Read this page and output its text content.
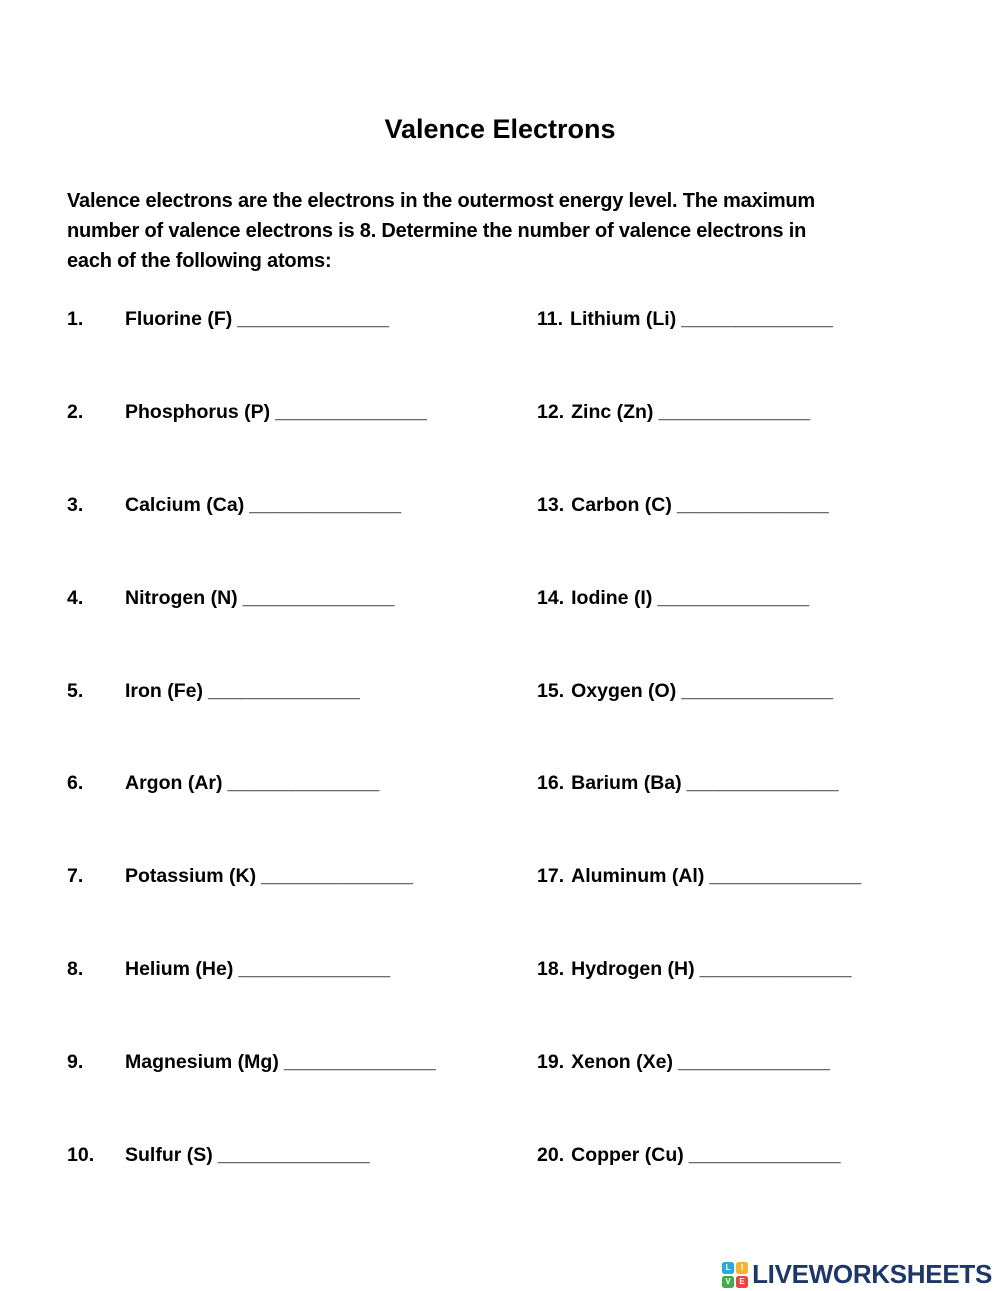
Valence Electrons
Valence electrons are the electrons in the outermost energy level. The maximum
number of valence electrons is 8. Determine the number of valence electrons in
each of the following atoms:
1. Fluorine (F) ______________
2. Phosphorus (P) ______________
3. Calcium (Ca) ______________
4. Nitrogen (N) ______________
5. Iron (Fe) ______________
6. Argon (Ar) ______________
7. Potassium (K) ______________
8. Helium (He) ______________
9. Magnesium (Mg) ______________
10. Sulfur (S) ______________
11. Lithium (Li) ______________
12. Zinc (Zn) ______________
13. Carbon (C) ______________
14. Iodine (I) ______________
15. Oxygen (O) ______________
16. Barium (Ba) ______________
17. Aluminum (Al) ______________
18. Hydrogen (H) ______________
19. Xenon (Xe) ______________
20. Copper (Cu) ______________
L	I
V	E LIVEWORKSHEETS
